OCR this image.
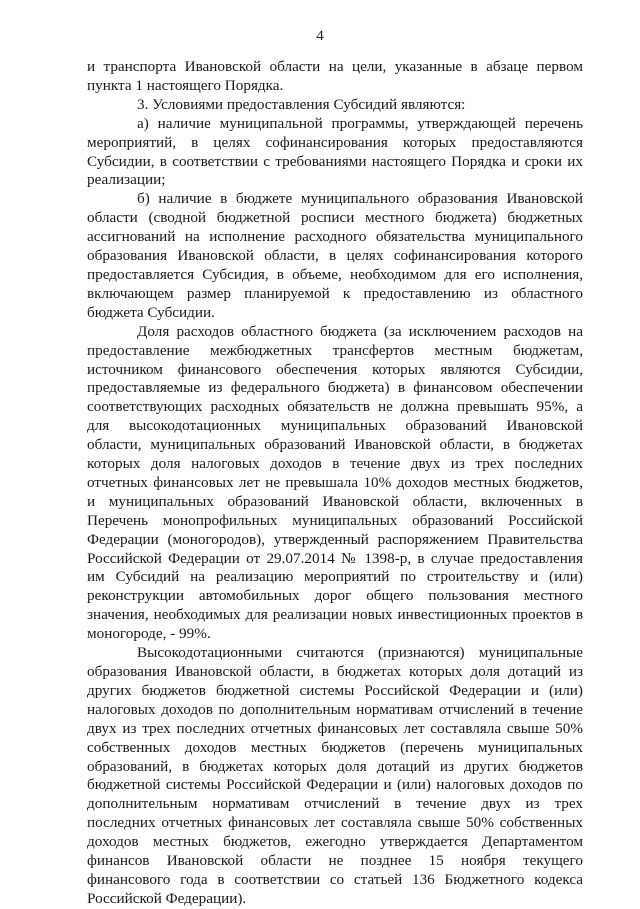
4
и транспорта Ивановской области на цели, указанные в абзаце первом
пункта 1 настоящего Порядка.
3. Условиями предоставления Субсидий являются:
а) наличие муниципальной программы, утверждающей перечень
мероприятий, в целях софинансирования которых предоставляются
Субсидии, в соответствии с требованиями настоящего Порядка и сроки их
реализации;
б) наличие в бюджете муниципального образования Ивановской
области (сводной бюджетной росписи местного бюджета) бюджетных
ассигнований на исполнение расходного обязательства муниципального
образования Ивановской области, в целях софинансирования которого
предоставляется Субсидия, в объеме, необходимом для его исполнения,
включающем размер планируемой к предоставлению из областного
бюджета Субсидии.
Доля расходов областного бюджета (за исключением расходов на
предоставление межбюджетных трансфертов местным бюджетам,
источником финансового обеспечения которых являются Субсидии,
предоставляемые из федерального бюджета) в финансовом обеспечении
соответствующих расходных обязательств не должна превышать 95%, а
для высокодотационных муниципальных образований Ивановской
области, муниципальных образований Ивановской области, в бюджетах
которых доля налоговых доходов в течение двух из трех последних
отчетных финансовых лет не превышала 10% доходов местных бюджетов,
и муниципальных образований Ивановской области, включенных в
Перечень монопрофильных муниципальных образований Российской
Федерации (моногородов), утвержденный распоряжением Правительства
Российской Федерации от 29.07.2014 № 1398-р, в случае предоставления
им Субсидий на реализацию мероприятий по строительству и (или)
реконструкции автомобильных дорог общего пользования местного
значения, необходимых для реализации новых инвестиционных проектов в
моногороде, - 99%.
Высокодотационными считаются (признаются) муниципальные
образования Ивановской области, в бюджетах которых доля дотаций из
других бюджетов бюджетной системы Российской Федерации и (или)
налоговых доходов по дополнительным нормативам отчислений в течение
двух из трех последних отчетных финансовых лет составляла свыше 50%
собственных доходов местных бюджетов (перечень муниципальных
образований, в бюджетах которых доля дотаций из других бюджетов
бюджетной системы Российской Федерации и (или) налоговых доходов по
дополнительным нормативам отчислений в течение двух из трех
последних отчетных финансовых лет составляла свыше 50% собственных
доходов местных бюджетов, ежегодно утверждается Департаментом
финансов Ивановской области не позднее 15 ноября текущего
финансового года в соответствии со статьей 136 Бюджетного кодекса
Российской Федерации).
